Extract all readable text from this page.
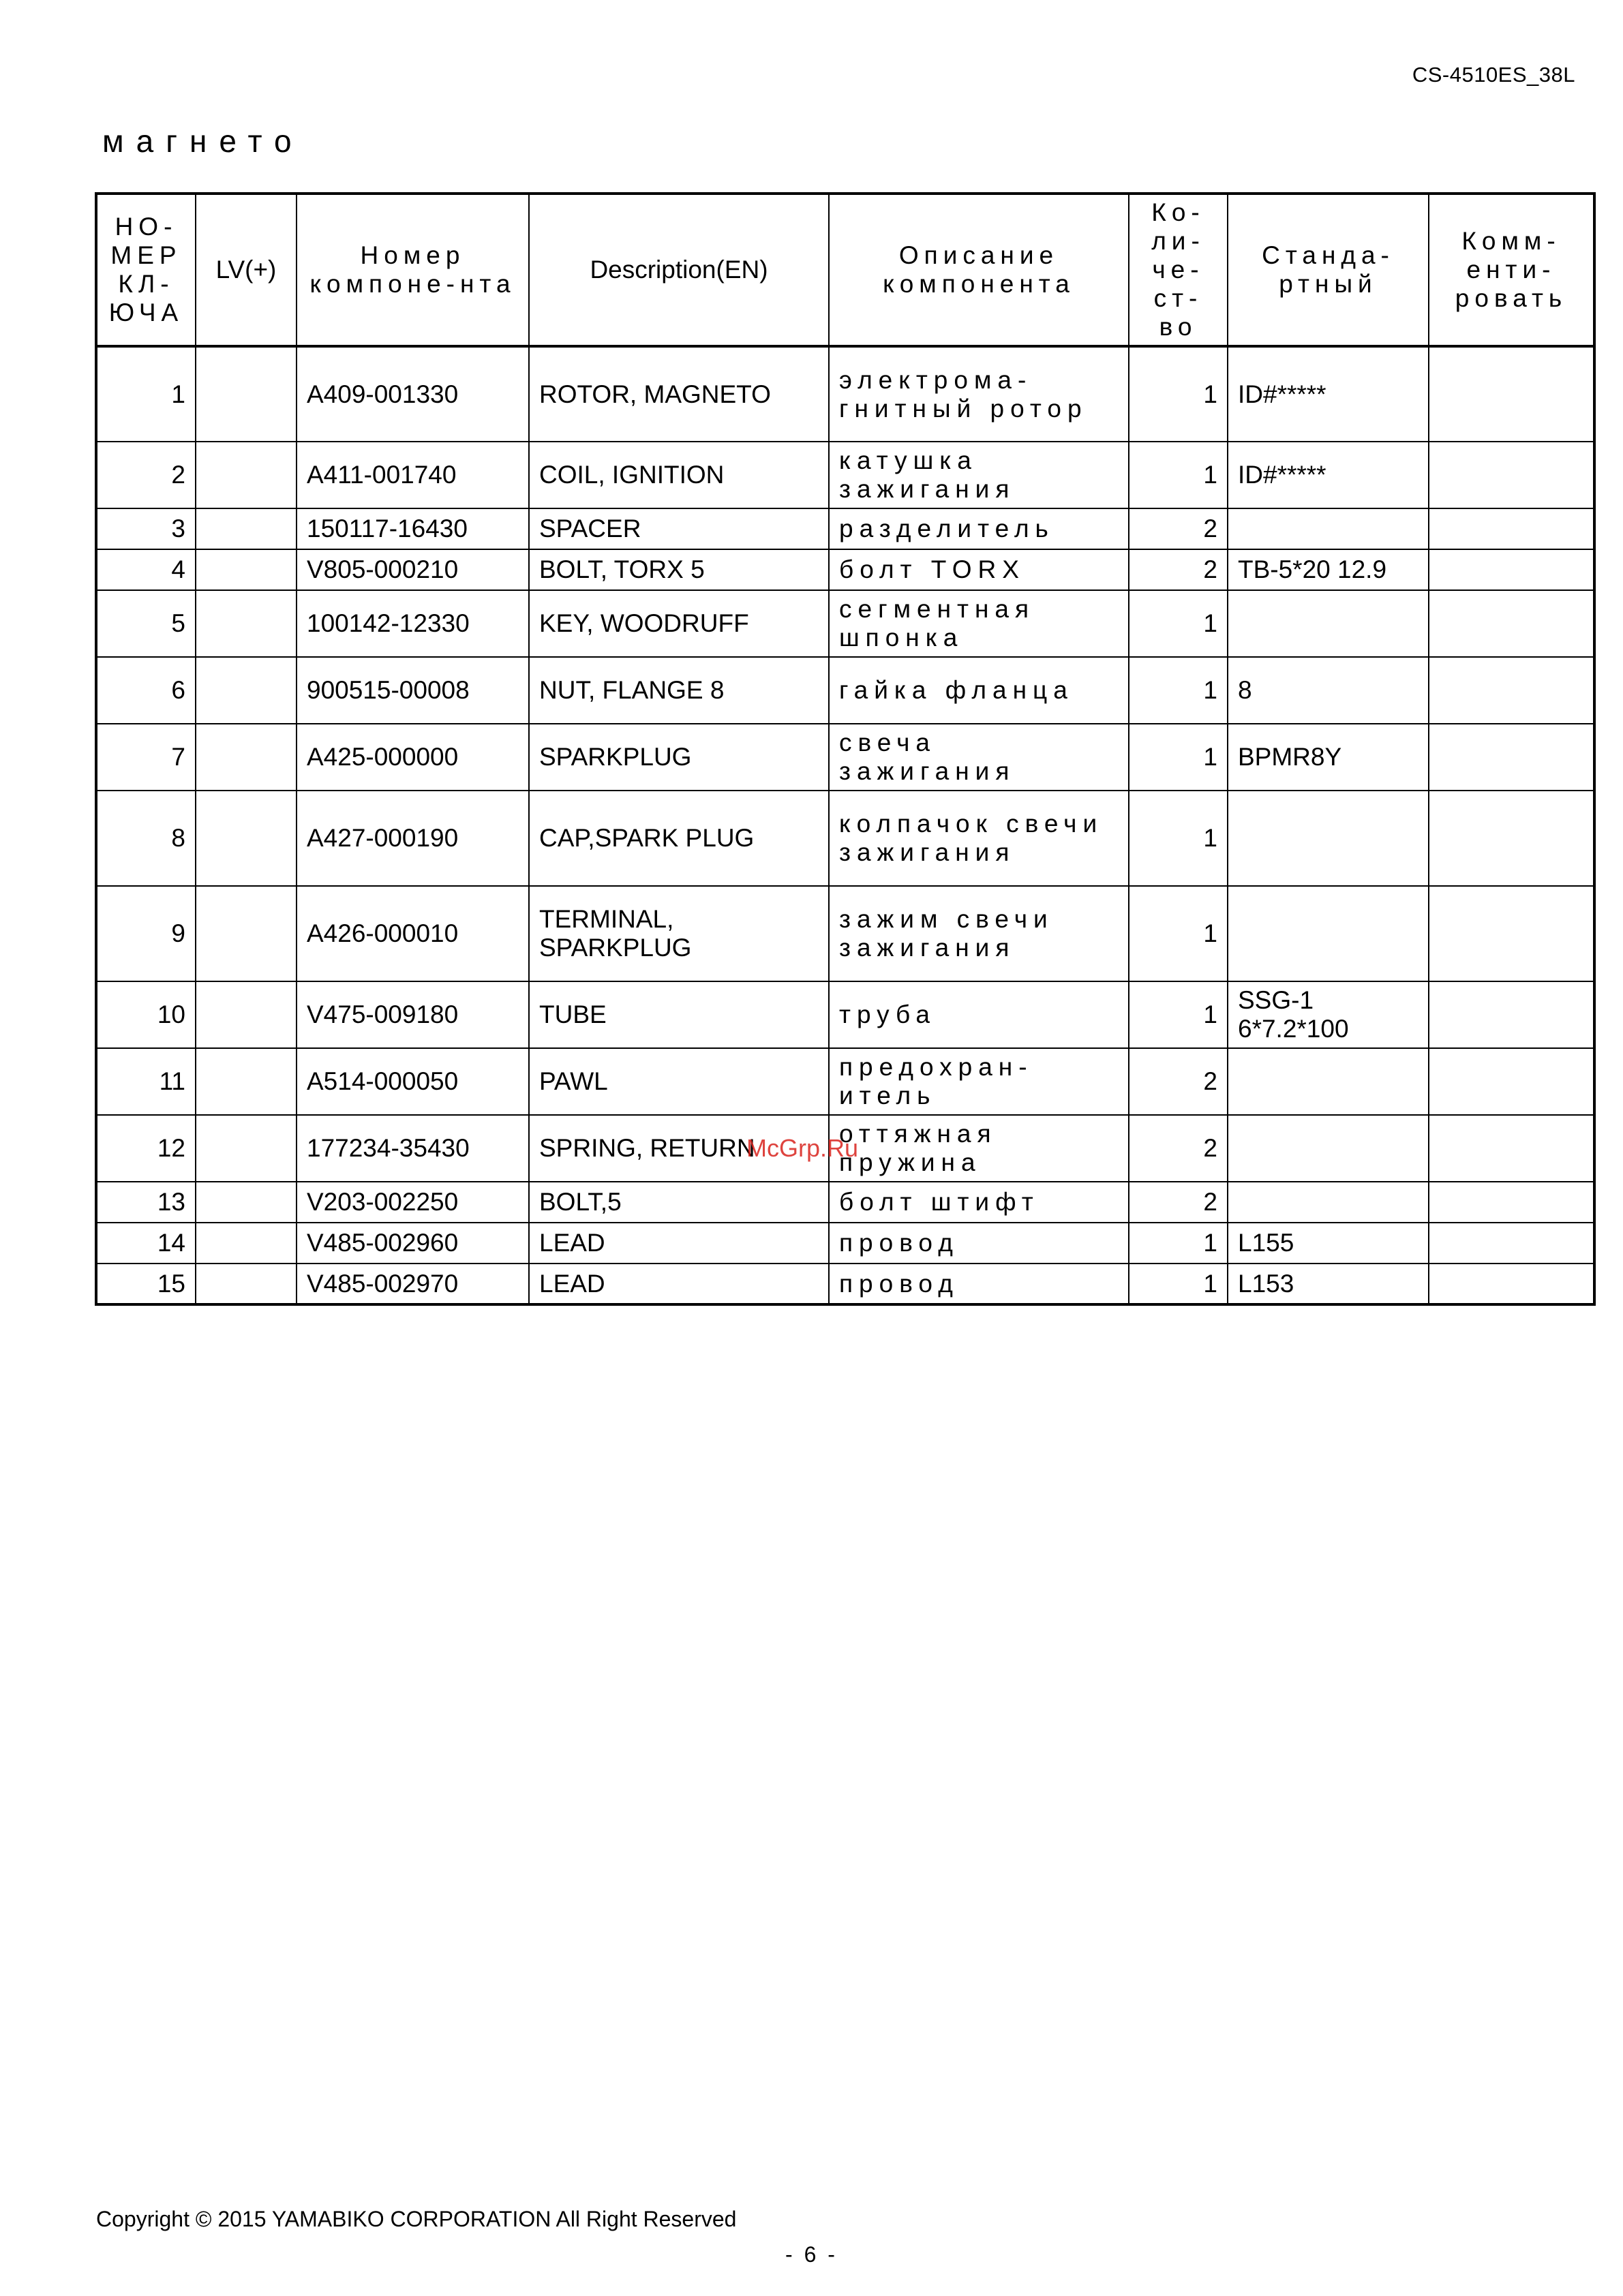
CS-4510ES_38L
магнето
НО-МЕР КЛ-ЮЧА	LV(+)	Номер компоне-нта	Description(EN)	Описание компонента	Ко-ли-че-ст-во	Станда-ртный	Комм-енти-ровать
1		A409-001330	ROTOR, MAGNETO	электрома-гнитный ротор	1	ID#*****	
2		A411-001740	COIL, IGNITION	катушка зажигания	1	ID#*****	
3		150117-16430	SPACER	разделитель	2		
4		V805-000210	BOLT, TORX 5	болт TORX	2	TB-5*20 12.9	
5		100142-12330	KEY, WOODRUFF	сегментная шпонка	1		
6		900515-00008	NUT, FLANGE 8	гайка фланца	1	8	
7		A425-000000	SPARKPLUG	свеча зажигания	1	BPMR8Y	
8		A427-000190	CAP,SPARK PLUG	колпачок свечи зажигания	1		
9		A426-000010	TERMINAL, SPARKPLUG	зажим свечи зажигания	1		
10		V475-009180	TUBE	труба	1	SSG-1 6*7.2*100	
11		A514-000050	PAWL	предохран-итель	2		
12		177234-35430	SPRING, RETURN	оттяжная пружина	2		
13		V203-002250	BOLT,5	болт штифт	2		
14		V485-002960	LEAD	провод	1	L155	
15		V485-002970	LEAD	провод	1	L153	
McGrp.Ru
Copyright © 2015 YAMABIKO CORPORATION All Right Reserved
- 6 -
